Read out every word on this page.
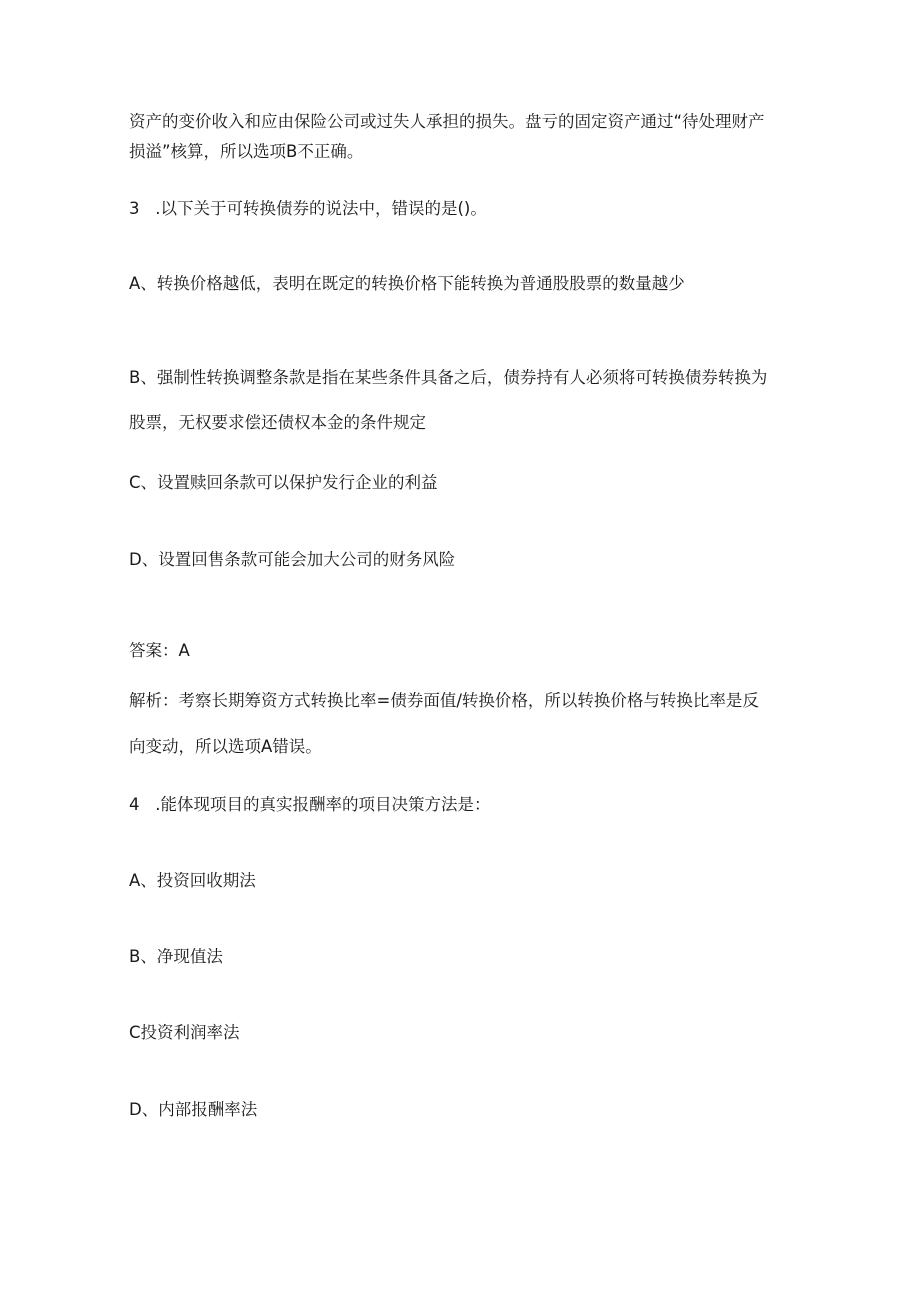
资产的变价收入和应由保险公司或过失人承担的损失。盘亏的固定资产通过“待处理财产
损溢”核算，所以选项B不正确。
3   .以下关于可转换债券的说法中，错误的是()。
A、转换价格越低，表明在既定的转换价格下能转换为普通股股票的数量越少
B、强制性转换调整条款是指在某些条件具备之后，债券持有人必须将可转换债券转换为
股票，无权要求偿还债权本金的条件规定
C、设置赎回条款可以保护发行企业的利益
D、设置回售条款可能会加大公司的财务风险
答案：A
解析：考察长期筹资方式转换比率=债券面值/转换价格，所以转换价格与转换比率是反
向变动，所以选项A错误。
4   .能体现项目的真实报酬率的项目决策方法是：
A、投资回收期法
B、净现值法
C投资利润率法
D、内部报酬率法
